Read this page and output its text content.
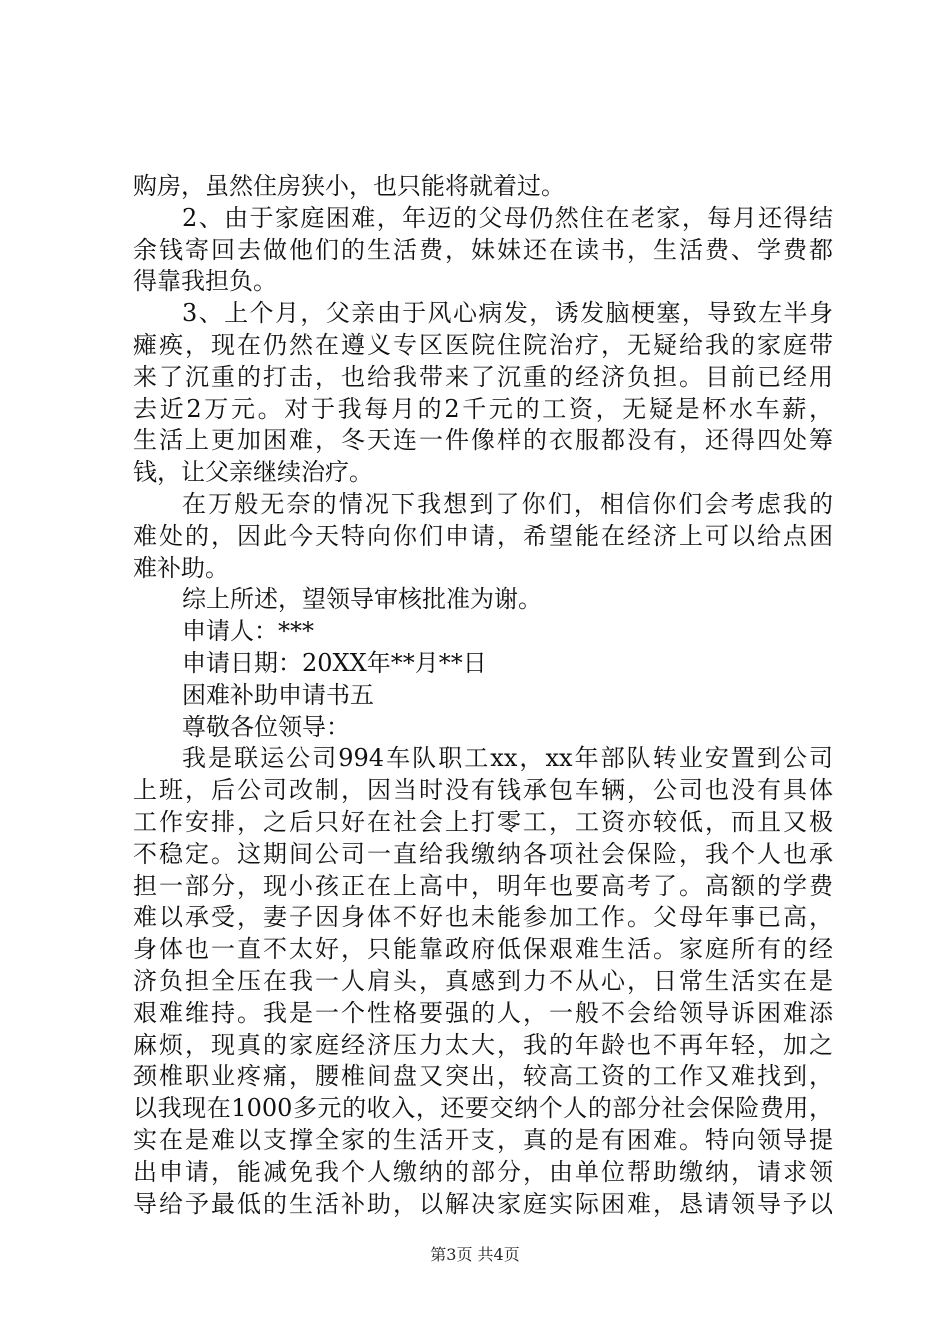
购房，虽然住房狭小，也只能将就着过。
2、由于家庭困难，年迈的父母仍然住在老家，每月还得结
余钱寄回去做他们的生活费，妹妹还在读书，生活费、学费都
得靠我担负。
3、上个月，父亲由于风心病发，诱发脑梗塞，导致左半身
瘫痪，现在仍然在遵义专区医院住院治疗，无疑给我的家庭带
来了沉重的打击，也给我带来了沉重的经济负担。目前已经用
去近2万元。对于我每月的2千元的工资，无疑是杯水车薪，
生活上更加困难，冬天连一件像样的衣服都没有，还得四处筹
钱，让父亲继续治疗。
在万般无奈的情况下我想到了你们，相信你们会考虑我的
难处的，因此今天特向你们申请，希望能在经济上可以给点困
难补助。
综上所述，望领导审核批准为谢。
申请人：***
申请日期：20XX年**月**日
困难补助申请书五
尊敬各位领导：
我是联运公司994车队职工xx，xx年部队转业安置到公司
上班，后公司改制，因当时没有钱承包车辆，公司也没有具体
工作安排，之后只好在社会上打零工，工资亦较低，而且又极
不稳定。这期间公司一直给我缴纳各项社会保险，我个人也承
担一部分，现小孩正在上高中，明年也要高考了。高额的学费
难以承受，妻子因身体不好也未能参加工作。父母年事已高，
身体也一直不太好，只能靠政府低保艰难生活。家庭所有的经
济负担全压在我一人肩头，真感到力不从心，日常生活实在是
艰难维持。我是一个性格要强的人，一般不会给领导诉困难添
麻烦，现真的家庭经济压力太大，我的年龄也不再年轻，加之
颈椎职业疼痛，腰椎间盘又突出，较高工资的工作又难找到，
以我现在1000多元的收入，还要交纳个人的部分社会保险费用，
实在是难以支撑全家的生活开支，真的是有困难。特向领导提
出申请，能减免我个人缴纳的部分，由单位帮助缴纳，请求领
导给予最低的生活补助，以解决家庭实际困难，恳请领导予以
第3页 共4页
